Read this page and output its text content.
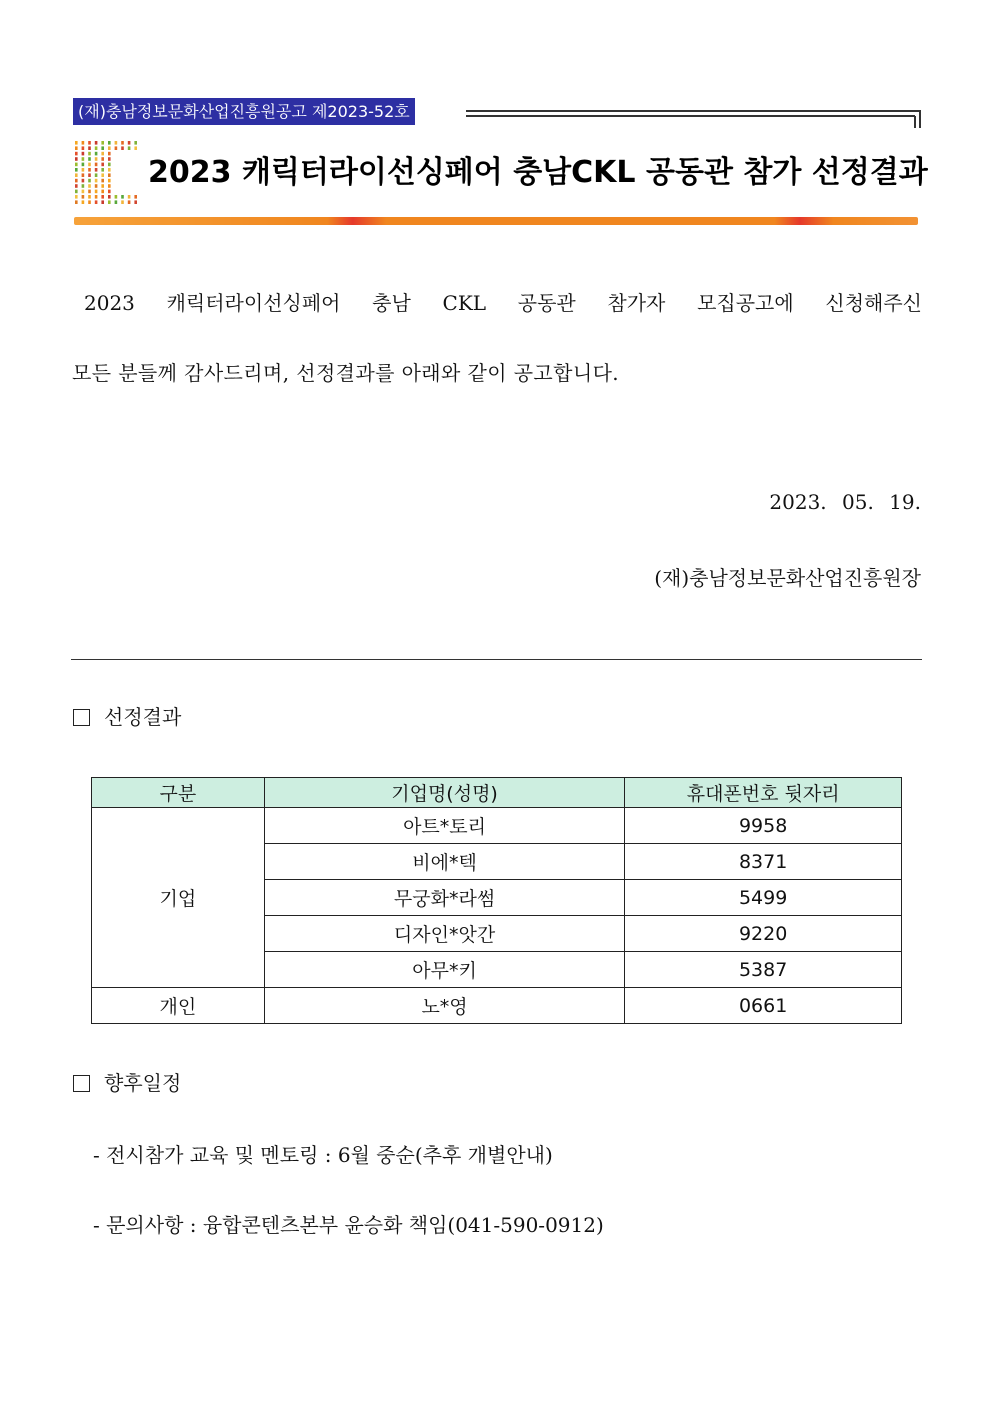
(재)충남정보문화산업진흥원공고 제2023-52호
2023 캐릭터라이선싱페어 충남CKL 공동관 참가 선정결과
2023 캐릭터라이선싱페어 충남 CKL 공동관 참가자 모집공고에 신청해주신
모든 분들께 감사드리며, 선정결과를 아래와 같이 공고합니다.
2023. 05. 19.
(재)충남정보문화산업진흥원장
선정결과
구분	기업명(성명)	휴대폰번호 뒷자리
기업	아트*토리	9958
	비에*텍	8371
	무궁화*라썸	5499
	디자인*앗간	9220
	아무*키	5387
개인	노*영	0661
향후일정
- 전시참가 교육 및 멘토링 : 6월 중순(추후 개별안내)
- 문의사항 : 융합콘텐츠본부 윤승화 책임(041-590-0912)
